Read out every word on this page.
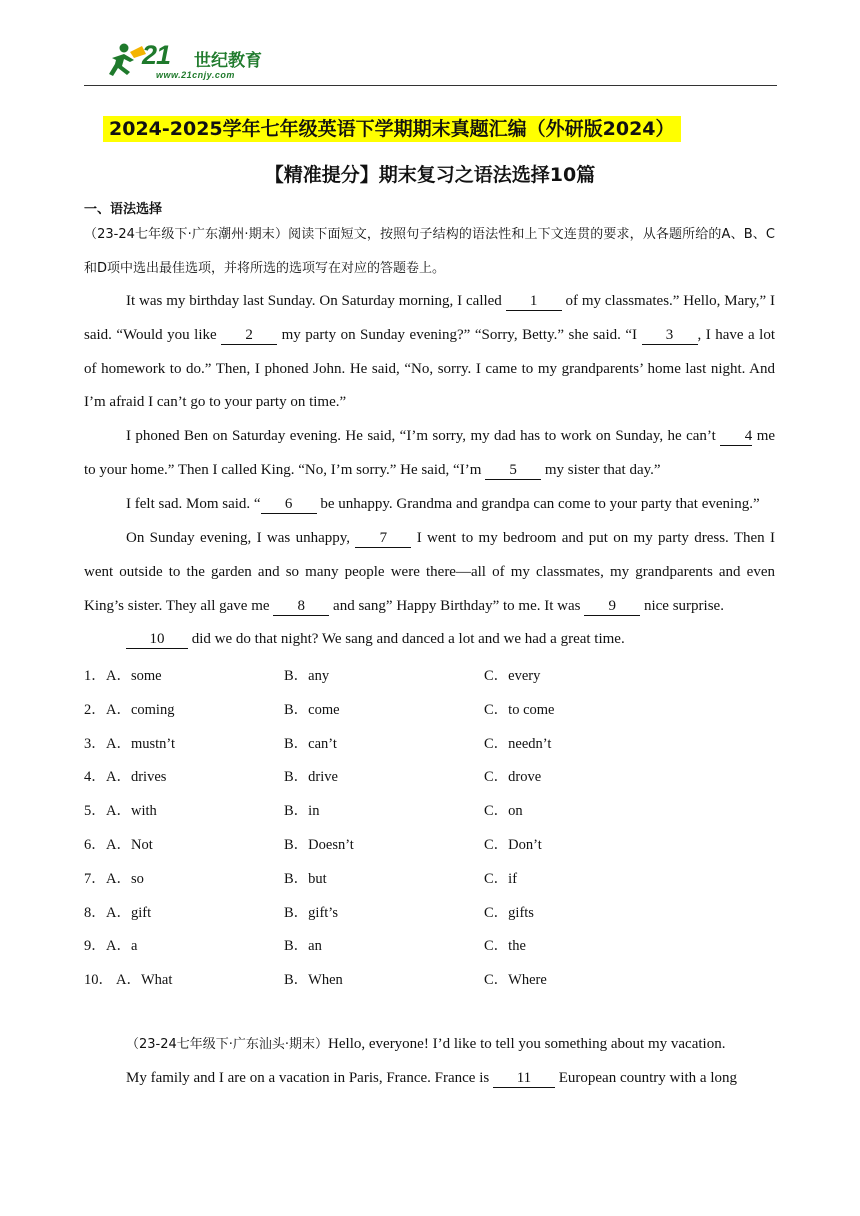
21 世纪教育
www.21cnjy.com
2024-2025学年七年级英语下学期期末真题汇编（外研版2024）
【精准提分】期末复习之语法选择10篇
一、语法选择
（23-24七年级下·广东潮州·期末）阅读下面短文，按照句子结构的语法性和上下文连贯的要求，从各题所给的A、B、C和D项中选出最佳选项，并将所选的选项写在对应的答题卷上。
It was my birthday last Sunday. On Saturday morning, I called 1 of my classmates.” Hello, Mary,” I said. “Would you like 2 my party on Sunday evening?” “Sorry, Betty.” she said. “I 3 , I have a lot of homework to do.” Then, I phoned John. He said, “No, sorry. I came to my grandparents’ home last night. And I’m afraid I can’t go to your party on time.”
I phoned Ben on Saturday evening. He said, “I’m sorry, my dad has to work on Sunday, he can’t 4 me to your home.” Then I called King. “No, I’m sorry.” He said, “I’m 5 my sister that day.”
I felt sad. Mom said. “ 6 be unhappy. Grandma and grandpa can come to your party that evening.”
On Sunday evening, I was unhappy, 7 I went to my bedroom and put on my party dress. Then I went outside to the garden and so many people were there—all of my classmates, my grandparents and even King’s sister. They all gave me 8 and sang” Happy Birthday” to me. It was 9 nice surprise.
10 did we do that night? We sang and danced a lot and we had a great time.
1． A．some	B．any	C．every
2． A．coming	B．come	C．to come
3． A．mustn’t	B．can’t	C．needn’t
4． A．drives	B．drive	C．drove
5． A．with	B．in	C．on
6． A．Not	B．Doesn’t	C．Don’t
7． A．so	B．but	C．if
8． A．gift	B．gift’s	C．gifts
9． A．a	B．an	C．the
10． A．What	B．When	C．Where
（23-24七年级下·广东汕头·期末）Hello, everyone! I’d like to tell you something about my vacation.
My family and I are on a vacation in Paris, France. France is 11 European country with a long
